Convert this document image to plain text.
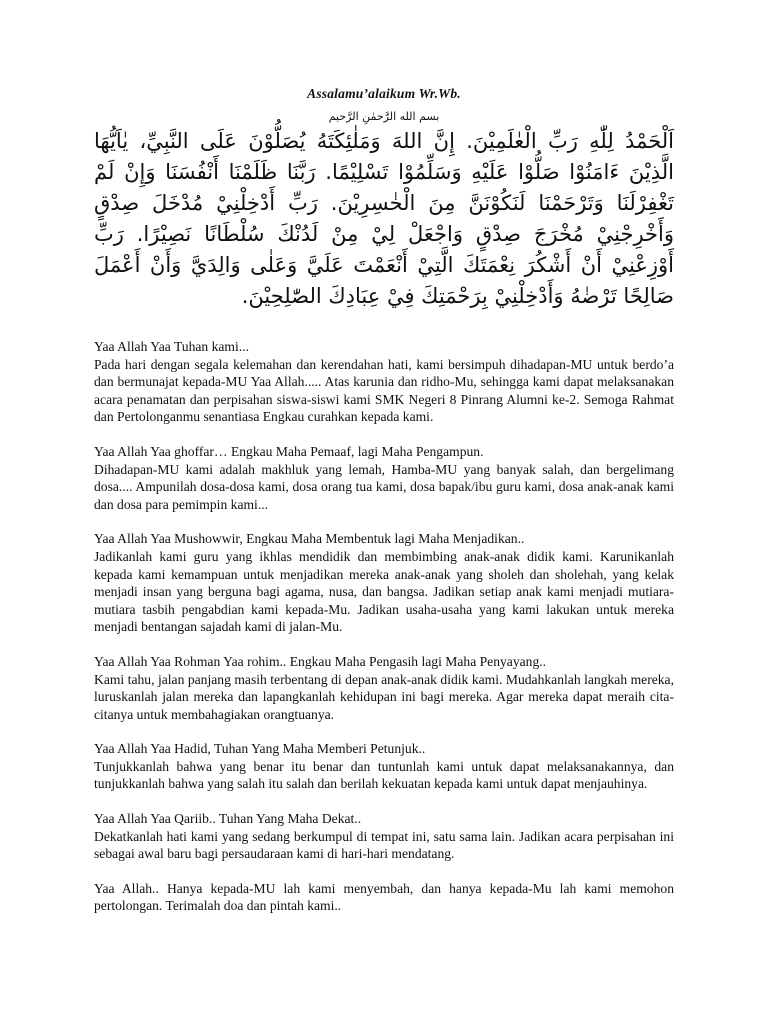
Assalamu’alaikum Wr.Wb.
بسم الله الرَّحمٰنِ الرَّحيم
اَلْحَمْدُ لِلّٰهِ رَبِّ الْعٰلَمِيْنَ. إِنَّ اللهَ وَمَلٰئِكَتَهُ يُصَلُّوْنَ عَلَى النَّبِيِّ، يٰاَيُّهَا الَّذِيْنَ ءَامَنُوْا صَلُّوْا عَلَيْهِ وَسَلِّمُوْا تَسْلِيْمًا. رَبَّنَا ظَلَمْنَا أَنْفُسَنَا وَإِنْ لَمْ تَغْفِرْلَنَا وَتَرْحَمْنَا لَنَكُوْنَنَّ مِنَ الْخٰسِرِيْنَ. رَبِّ أَدْخِلْنِيْ مُدْخَلَ صِدْقٍ وَأَخْرِجْنِيْ مُخْرَجَ صِدْقٍ وَاجْعَلْ لِيْ مِنْ لَدُنْكَ سُلْطَانًا نَصِيْرًا. رَبِّ أَوْزِعْنِيْ أَنْ أَشْكُرَ نِعْمَتَكَ الَّتِيْ أَنْعَمْتَ عَلَيَّ وَعَلٰى وَالِدَيَّ وَأَنْ أَعْمَلَ صَالِحًا تَرْضٰهُ وَأَدْخِلْنِيْ بِرَحْمَتِكَ فِيْ عِبَادِكَ الصّٰلِحِيْنَ.
Yaa Allah Yaa Tuhan kami...
Pada hari dengan segala kelemahan dan kerendahan hati, kami bersimpuh dihadapan-MU untuk berdo’a dan bermunajat kepada-MU Yaa Allah..... Atas karunia dan ridho-Mu, sehingga kami dapat melaksanakan acara penamatan dan perpisahan siswa-siswi kami SMK Negeri 8 Pinrang Alumni ke-2. Semoga Rahmat dan Pertolonganmu senantiasa Engkau curahkan kepada kami.
Yaa Allah Yaa ghoffar… Engkau Maha Pemaaf, lagi Maha Pengampun.
Dihadapan-MU kami adalah makhluk yang lemah, Hamba-MU yang banyak salah, dan bergelimang dosa.... Ampunilah dosa-dosa kami, dosa orang tua kami, dosa bapak/ibu guru kami, dosa anak-anak kami dan dosa para pemimpin kami...
Yaa Allah Yaa Mushowwir, Engkau Maha Membentuk lagi Maha Menjadikan..
Jadikanlah kami guru yang ikhlas mendidik dan membimbing anak-anak didik kami. Karunikanlah kepada kami kemampuan untuk menjadikan mereka anak-anak yang sholeh dan sholehah, yang kelak menjadi insan yang berguna bagi agama, nusa, dan bangsa. Jadikan setiap anak kami menjadi mutiara-mutiara tasbih pengabdian kami kepada-Mu. Jadikan usaha-usaha yang kami lakukan untuk mereka menjadi bentangan sajadah kami di jalan-Mu.
Yaa Allah Yaa Rohman Yaa rohim.. Engkau Maha Pengasih lagi Maha Penyayang..
Kami tahu, jalan panjang masih terbentang di depan anak-anak didik kami. Mudahkanlah langkah mereka, luruskanlah jalan mereka dan lapangkanlah kehidupan ini bagi mereka. Agar mereka dapat meraih cita-citanya untuk membahagiakan orangtuanya.
Yaa Allah Yaa Hadid, Tuhan Yang Maha Memberi Petunjuk..
Tunjukkanlah bahwa yang benar itu benar dan tuntunlah kami untuk dapat melaksanakannya, dan tunjukkanlah bahwa yang salah itu salah dan berilah kekuatan kepada kami untuk dapat menjauhinya.
Yaa Allah Yaa Qariib.. Tuhan Yang Maha Dekat..
Dekatkanlah hati kami yang sedang berkumpul di tempat ini, satu sama lain. Jadikan acara perpisahan ini sebagai awal baru bagi persaudaraan kami di hari-hari mendatang.
Yaa Allah.. Hanya kepada-MU lah kami menyembah, dan hanya kepada-Mu lah kami memohon pertolongan. Terimalah doa dan pintah kami..
